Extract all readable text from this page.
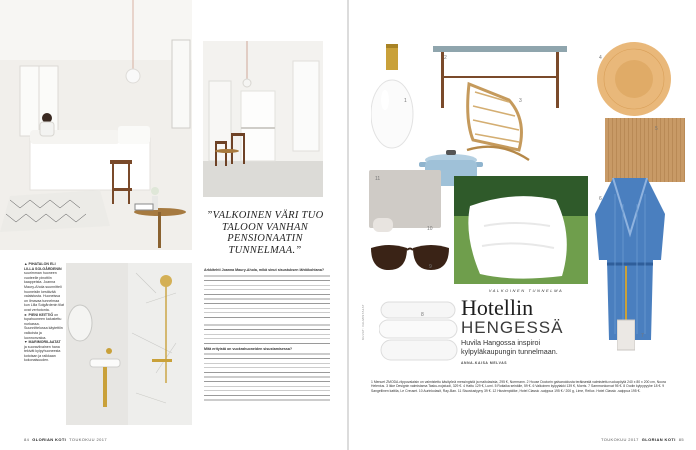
▲ PIHATALON ELI LILLA SOLGÅRDENIN suurimman huoneen vuoteelle pinottiin kaappeista. Joanna Maury-Ahola suunnitteli huoneisiin kestävää valaistusta. Huoneissa on ilmavaa tunnelmaa kun Lilla Solgårdenin tilat ovat verhotonta.
► PIENI KEITTIÖ on tupahuoneen kalustettu nurkassa. Suunnittelussa käytettiin valkoista ja luonnonvaloa.
▼ MARIMORILAATAT ja suoraviivainen hana tekivät kylpyhuoneesta kotoisan ja raikkaan kokonaisuuden.
”VALKOINEN VÄRI TUO TALOON VANHAN PENSIONAATIN TUNNELMAA.”
Arkkitehti Joanna Maury-Ahola, mikä sinut sisustuksen lähtökohtana?
Mitä erityistä on vuokrahuoneiden sisustamisessa?
84 GLORIAN KOTI TOUKOKUU 2017
1
2
3
4
5
10
12
6
7
9
8
11
KUVAT: VALMISTAJAT
VALKOINEN TUNNELMA
Hotellin
HENGESSÄ
Huvila Hangossa inspiroi kylpyläkaupungin tunnelmaan.
ANNA-KAISA MELVAS
1 Menuet ZMODA-riippuvalaisin on valmistettu käsityönä messingistä ja maitolasista, 295 €, Norrmann. 2 House Doctorin galvanoidusta teräksestä valmistettu ruokapöytä 240 x 80 x 200 cm, Noora Helenius. 3 Ikke Designin valmistama Tasku-nojatuoli, 329 €. 4 Hattu 129 €, Lumi. 5 Rotiaika seinälle, 59 €. 6 Valkoinen kylpytakki 139 €, Morris. 7 Sammonkorvat 95 €. 8 Oodin kylpypyyhe 18 €. 9 Sangellinen kattila, Le Creuset. 10 Aurinkolasit, Ray-Ban. 11 Sisustustyyny 39 €. 12 Hiustenpidike, Hotel Classic -saippua 195 € / 200 g, Lime, Reilux. Hotel Classic -saippua 195 €.
TOUKOKUU 2017 GLORIAN KOTI 85
